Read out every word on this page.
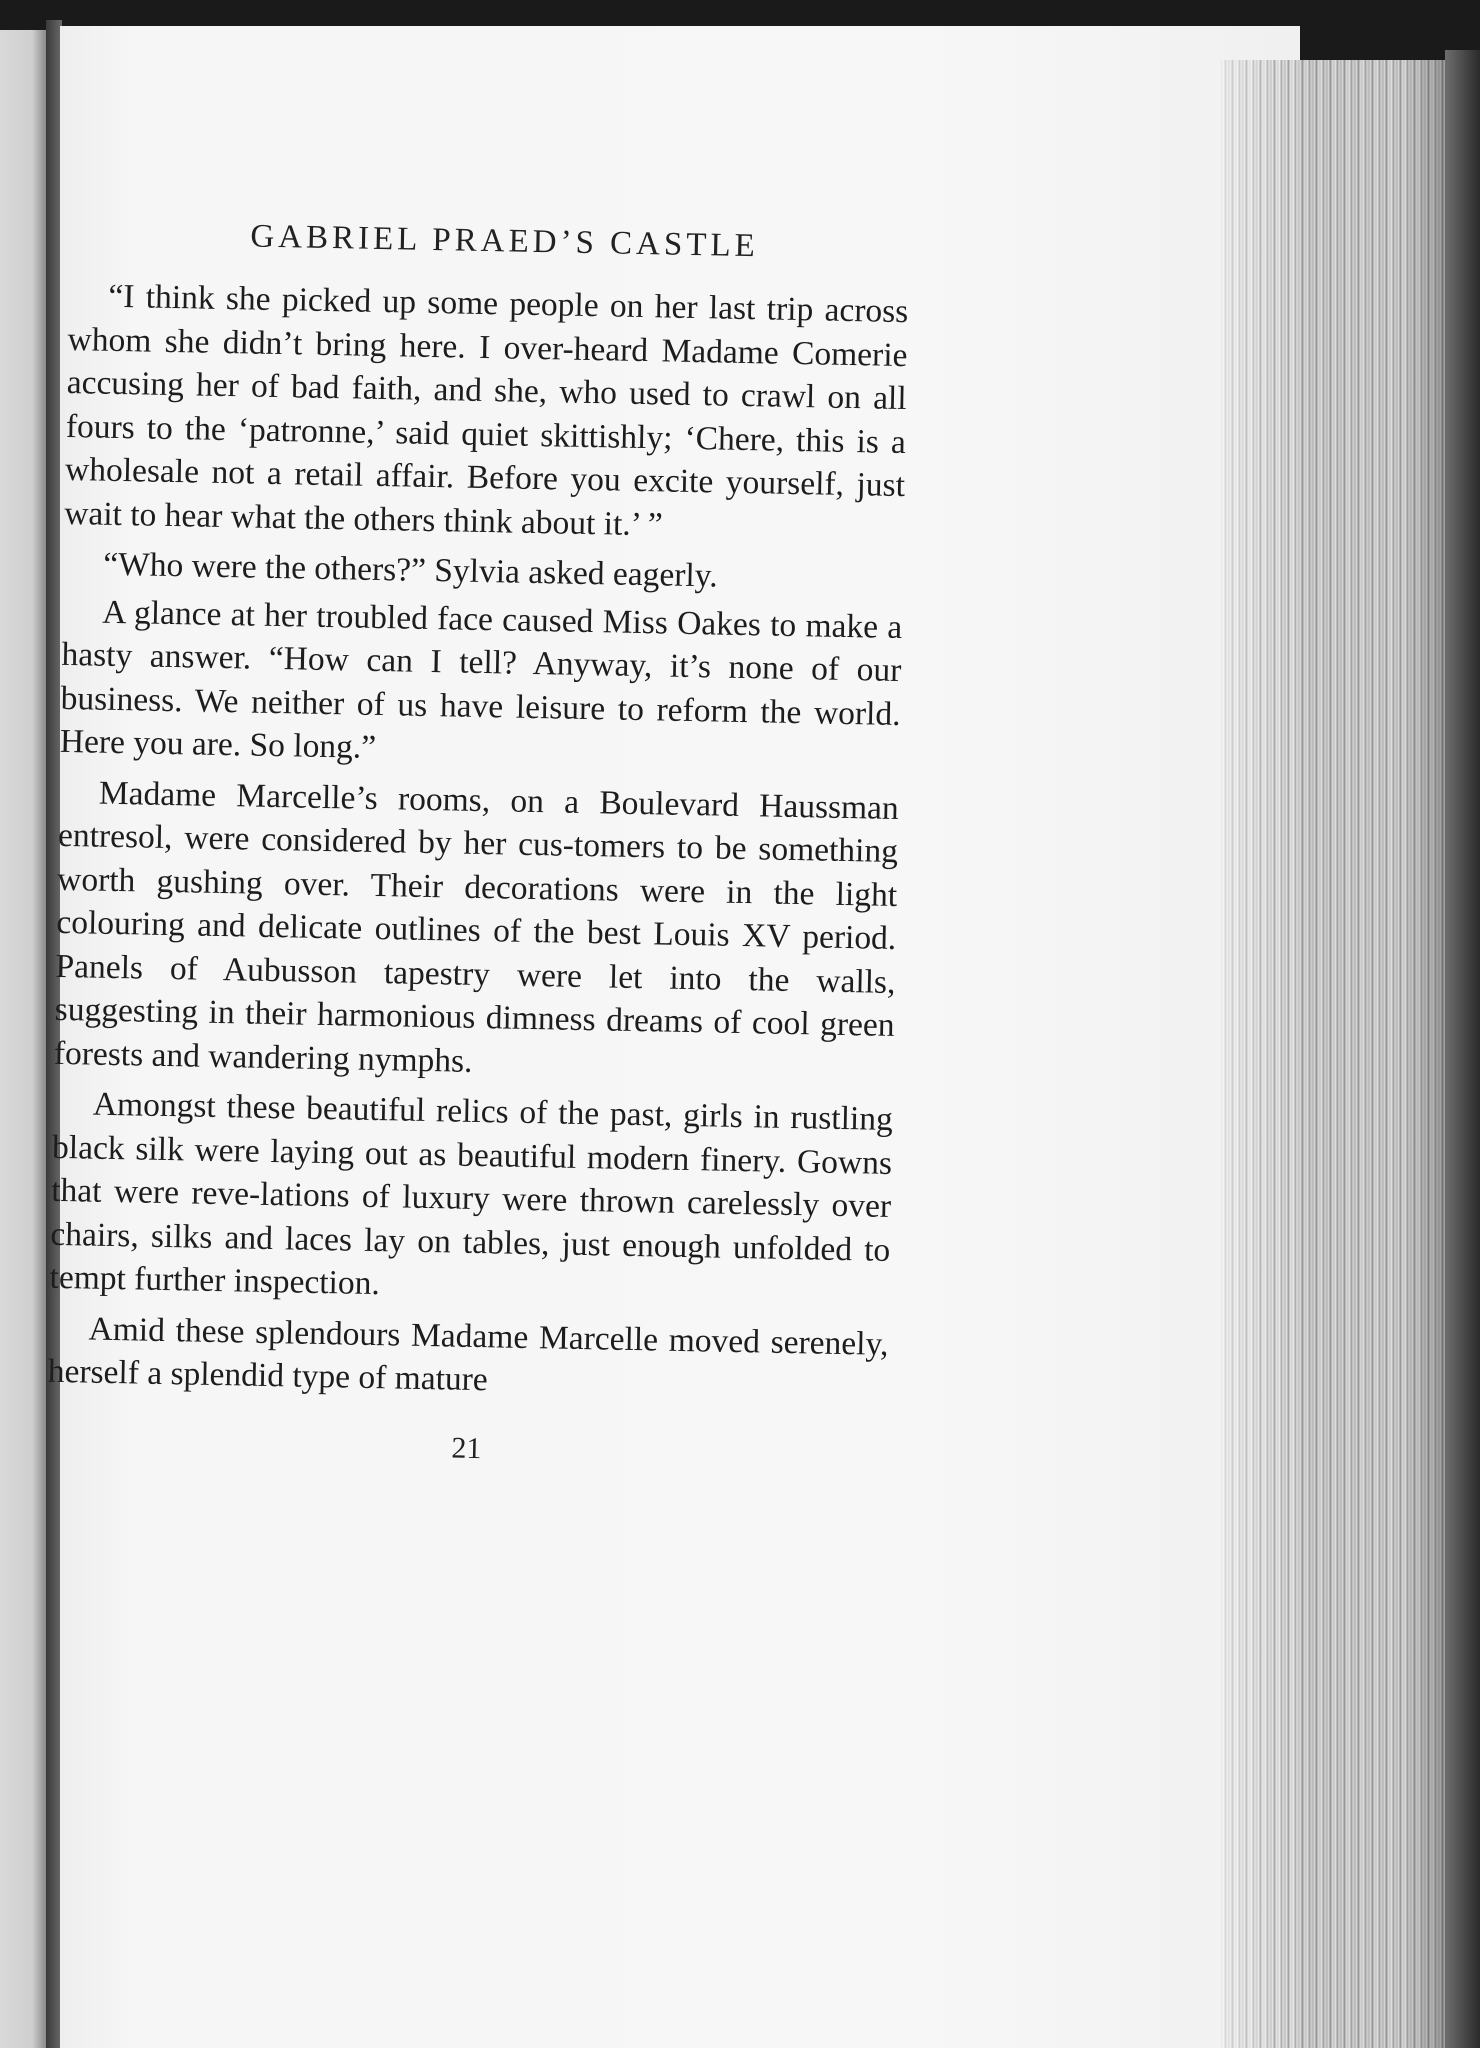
GABRIEL PRAED’S CASTLE

“I think she picked up some people on her last trip across whom she didn’t bring here. I over-heard Madame Comerie accusing her of bad faith, and she, who used to crawl on all fours to the ‘patronne,’ said quiet skittishly; ‘Chere, this is a wholesale not a retail affair. Before you excite yourself, just wait to hear what the others think about it.’ ”

“Who were the others?” Sylvia asked eagerly.

A glance at her troubled face caused Miss Oakes to make a hasty answer. “How can I tell? Anyway, it’s none of our business. We neither of us have leisure to reform the world. Here you are. So long.”

Madame Marcelle’s rooms, on a Boulevard Haussman entresol, were considered by her cus-tomers to be something worth gushing over. Their decorations were in the light colouring and delicate outlines of the best Louis XV period. Panels of Aubusson tapestry were let into the walls, suggesting in their harmonious dimness dreams of cool green forests and wandering nymphs.

Amongst these beautiful relics of the past, girls in rustling black silk were laying out as beautiful modern finery. Gowns that were reve-lations of luxury were thrown carelessly over chairs, silks and laces lay on tables, just enough unfolded to tempt further inspection.

Amid these splendours Madame Marcelle moved serenely, herself a splendid type of mature

21
